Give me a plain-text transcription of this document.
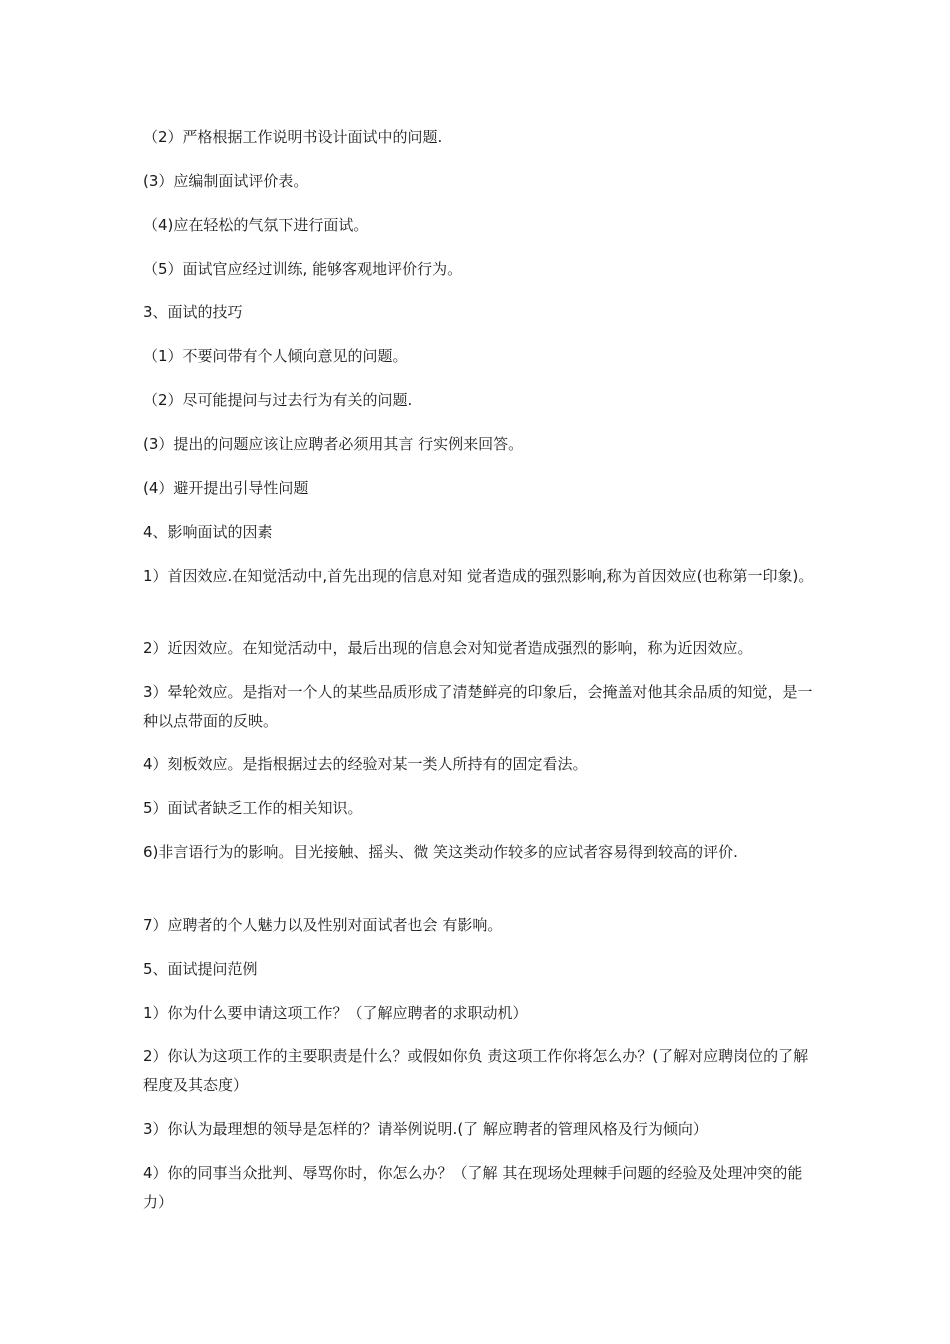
（2）严格根据工作说明书设计面试中的问题.

(3）应编制面试评价表。

（4)应在轻松的气氛下进行面试。

（5）面试官应经过训练, 能够客观地评价行为。

3、面试的技巧

（1）不要问带有个人倾向意见的问题。

（2）尽可能提问与过去行为有关的问题.

(3）提出的问题应该让应聘者必须用其言 行实例来回答。

(4）避开提出引导性问题

4、影响面试的因素

1）首因效应.在知觉活动中,首先出现的信息对知 觉者造成的强烈影响,称为首因效应(也称第一印象)。

2）近因效应。在知觉活动中，最后出现的信息会对知觉者造成强烈的影响，称为近因效应。

3）晕轮效应。是指对一个人的某些品质形成了清楚鲜亮的印象后，会掩盖对他其余品质的知觉，是一 种以点带面的反映。

4）刻板效应。是指根据过去的经验对某一类人所持有的固定看法。

5）面试者缺乏工作的相关知识。

6)非言语行为的影响。目光接触、摇头、微 笑这类动作较多的应试者容易得到较高的评价.

7）应聘者的个人魅力以及性别对面试者也会 有影响。

5、面试提问范例

1）你为什么要申请这项工作？（了解应聘者的求职动机）

2）你认为这项工作的主要职责是什么？或假如你负 责这项工作你将怎么办？(了解对应聘岗位的了解程度及其态度）

3）你认为最理想的领导是怎样的？请举例说明.(了 解应聘者的管理风格及行为倾向）

4）你的同事当众批判、辱骂你时，你怎么办？（了解 其在现场处理棘手问题的经验及处理冲突的能力）
